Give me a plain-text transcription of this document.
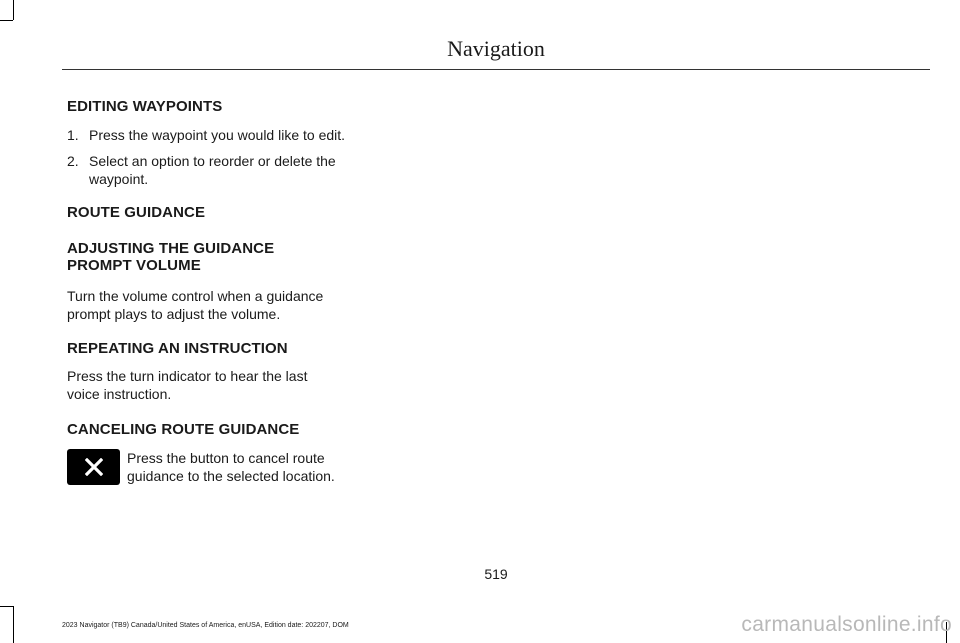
Navigation
EDITING WAYPOINTS
1. Press the waypoint you would like to edit.
2. Select an option to reorder or delete the waypoint.
ROUTE GUIDANCE
ADJUSTING THE GUIDANCE PROMPT VOLUME

Turn the volume control when a guidance prompt plays to adjust the volume.

REPEATING AN INSTRUCTION

Press the turn indicator to hear the last voice instruction.

CANCELING ROUTE GUIDANCE

Press the button to cancel route guidance to the selected location.

519
2023 Navigator (TB9) Canada/United States of America, enUSA, Edition date: 202207, DOM	carmanualsonline.info
